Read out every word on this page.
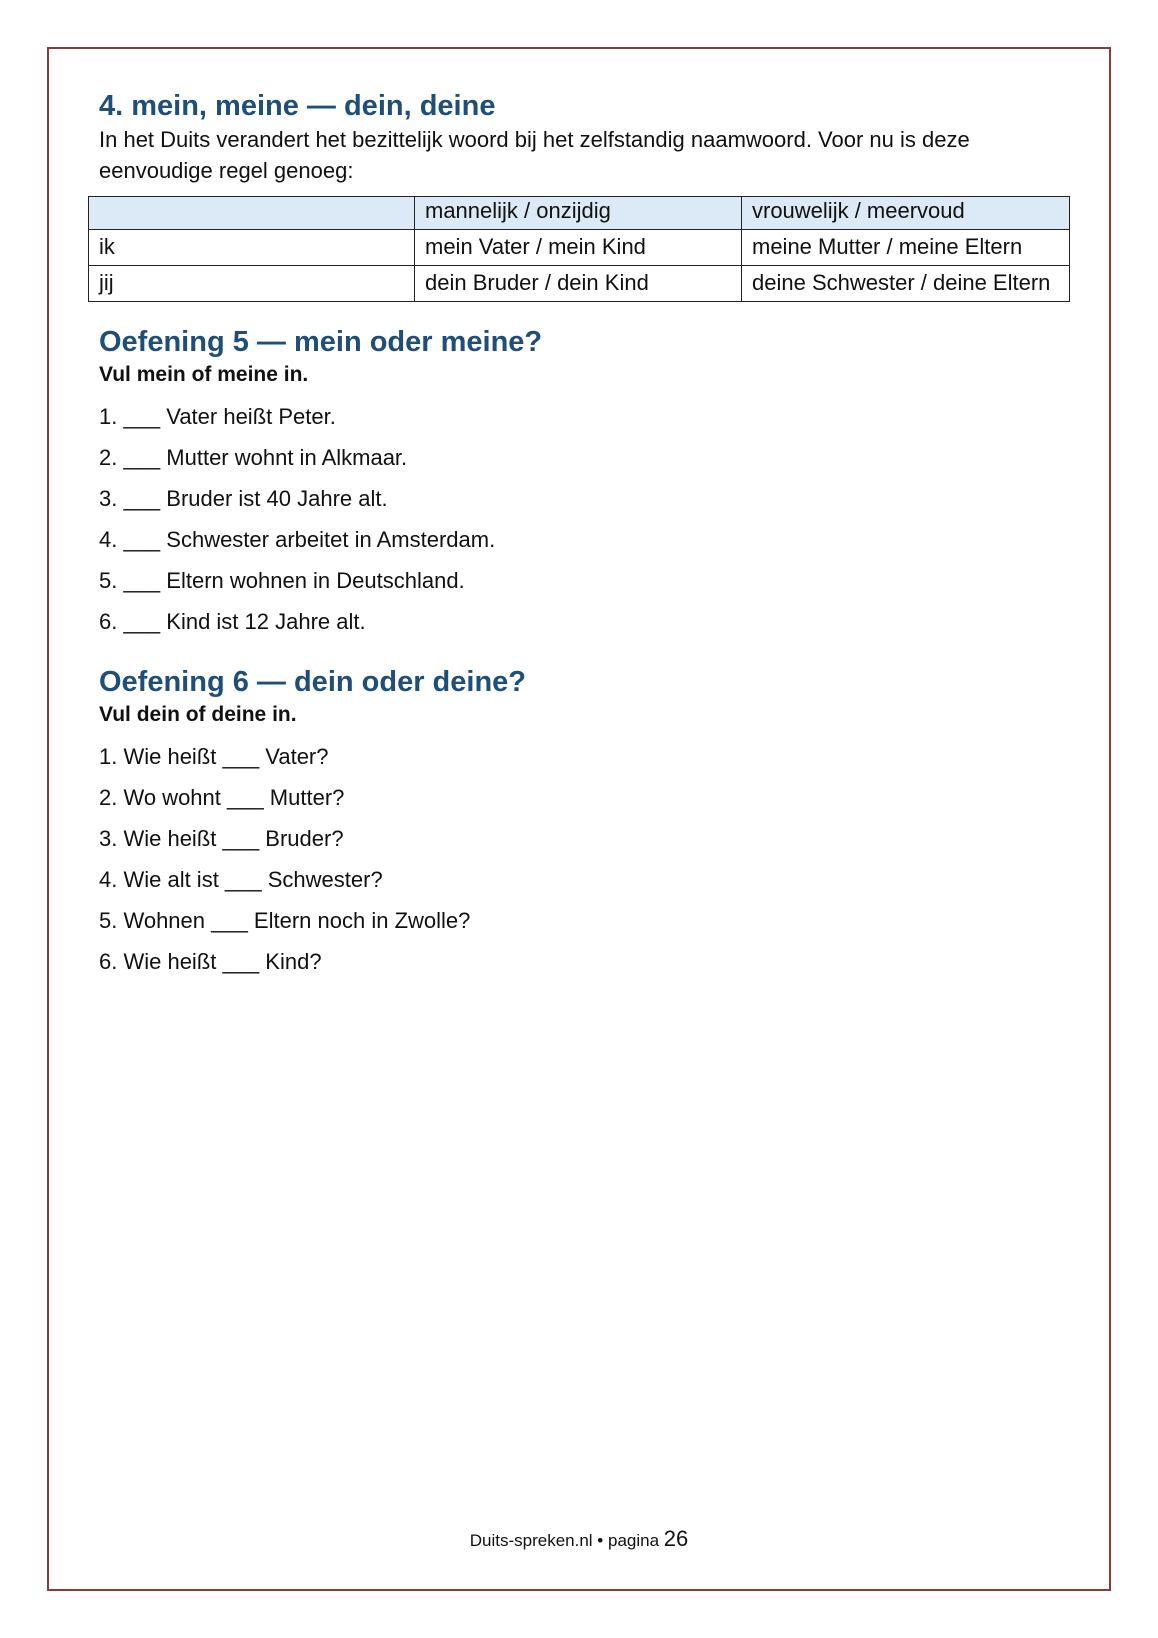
4. mein, meine — dein, deine

In het Duits verandert het bezittelijk woord bij het zelfstandig naamwoord. Voor nu is deze eenvoudige regel genoeg:

	mannelijk / onzijdig	vrouwelijk / meervoud
ik	mein Vater / mein Kind	meine Mutter / meine Eltern
jij	dein Bruder / dein Kind	deine Schwester / deine Eltern
Oefening 5 — mein oder meine?

Vul mein of meine in.

1. ___ Vater heißt Peter.
2. ___ Mutter wohnt in Alkmaar.
3. ___ Bruder ist 40 Jahre alt.
4. ___ Schwester arbeitet in Amsterdam.
5. ___ Eltern wohnen in Deutschland.
6. ___ Kind ist 12 Jahre alt.
Oefening 6 — dein oder deine?

Vul dein of deine in.

1. Wie heißt ___ Vater?
2. Wo wohnt ___ Mutter?
3. Wie heißt ___ Bruder?
4. Wie alt ist ___ Schwester?
5. Wohnen ___ Eltern noch in Zwolle?
6. Wie heißt ___ Kind?
Duits-spreken.nl • pagina 26
